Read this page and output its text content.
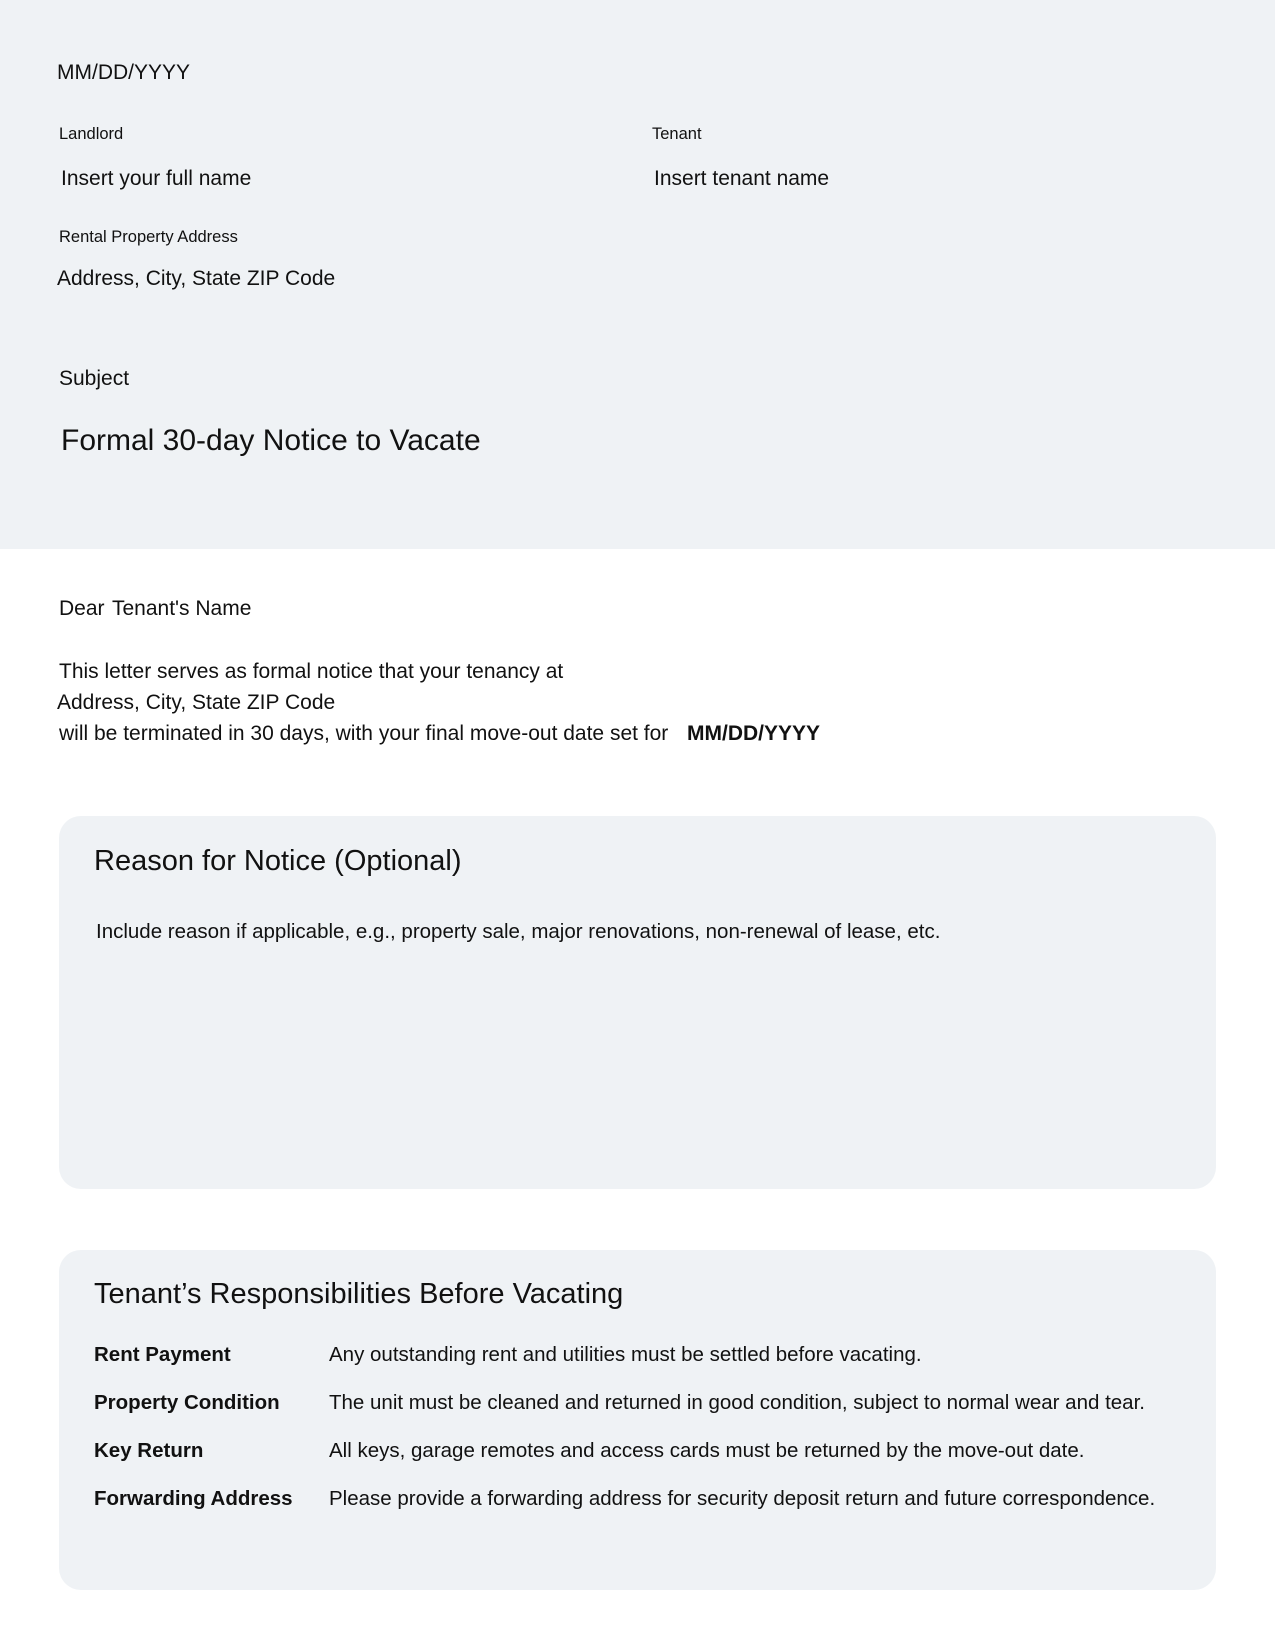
MM/DD/YYYY
Landlord
Insert your full name
Tenant
Insert tenant name
Rental Property Address
Address, City, State ZIP Code
Subject
Formal 30-day Notice to Vacate
Dear Tenant's Name
This letter serves as formal notice that your tenancy at
Address, City, State ZIP Code
will be terminated in 30 days, with your final move-out date set for MM/DD/YYYY
Reason for Notice (Optional)
Include reason if applicable, e.g., property sale, major renovations, non-renewal of lease, etc.
Tenant’s Responsibilities Before Vacating
Rent Payment	Any outstanding rent and utilities must be settled before vacating.
Property Condition The unit must be cleaned and returned in good condition, subject to normal wear and tear.
Key Return	All keys, garage remotes and access cards must be returned by the move-out date.
Forwarding Address Please provide a forwarding address for security deposit return and future correspondence.
